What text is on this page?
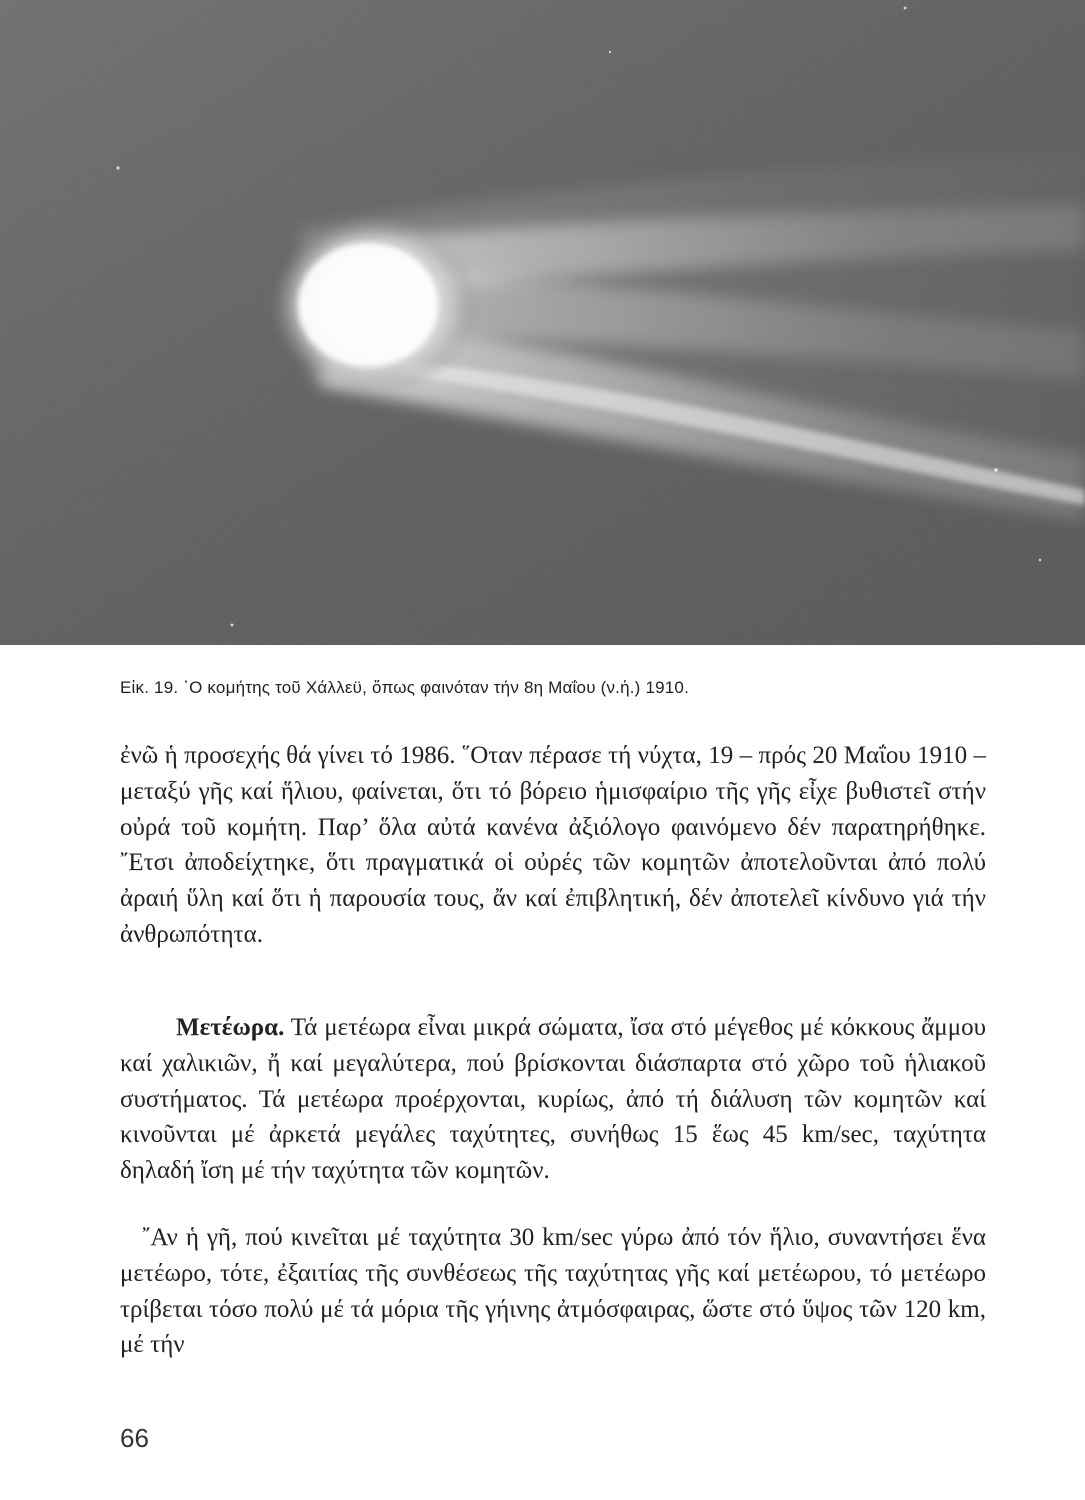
Εἰκ. 19. ῾Ο κομήτης τοῦ Χάλλεϋ, ὅπως φαινόταν τήν 8η Μαΐου (ν.ἡ.) 1910.

ἐνῶ ἡ προσεχής θά γίνει τό 1986. ῞Οταν πέρασε τή νύχτα, 19 – πρός 20 Μαΐου 1910 – μεταξύ γῆς καί ἥλιου, φαίνεται, ὅτι τό βόρειο ἡμισφαίριο τῆς γῆς εἶχε βυθιστεῖ στήν οὐρά τοῦ κομήτη. Παρ’ ὅλα αὐτά κανένα ἀξιόλογο φαινόμενο δέν παρατηρήθηκε. ῎Ετσι ἀποδείχτηκε, ὅτι πραγματικά οἱ οὐρές τῶν κομητῶν ἀποτελοῦνται ἀπό πολύ ἀραιή ὕλη καί ὅτι ἡ παρουσία τους, ἄν καί ἐπιβλητική, δέν ἀποτελεῖ κίνδυνο γιά τήν ἀνθρωπότητα.

Μετέωρα. Τά μετέωρα εἶναι μικρά σώματα, ἴσα στό μέγεθος μέ κόκκους ἄμμου καί χαλικιῶν, ἤ καί μεγαλύτερα, πού βρίσκονται διάσπαρτα στό χῶρο τοῦ ἡλιακοῦ συστήματος. Τά μετέωρα προέρχονται, κυρίως, ἀπό τή διάλυση τῶν κομητῶν καί κινοῦνται μέ ἀρκετά μεγάλες ταχύτητες, συνήθως 15 ἕως 45 km/sec, ταχύτητα δηλαδή ἴση μέ τήν ταχύτητα τῶν κομητῶν.

῎Αν ἡ γῆ, πού κινεῖται μέ ταχύτητα 30 km/sec γύρω ἀπό τόν ἥλιο, συναντήσει ἕνα μετέωρο, τότε, ἐξαιτίας τῆς συνθέσεως τῆς ταχύτητας γῆς καί μετέωρου, τό μετέωρο τρίβεται τόσο πολύ μέ τά μόρια τῆς γήινης ἀτμόσφαιρας, ὥστε στό ὕψος τῶν 120 km, μέ τήν

66
